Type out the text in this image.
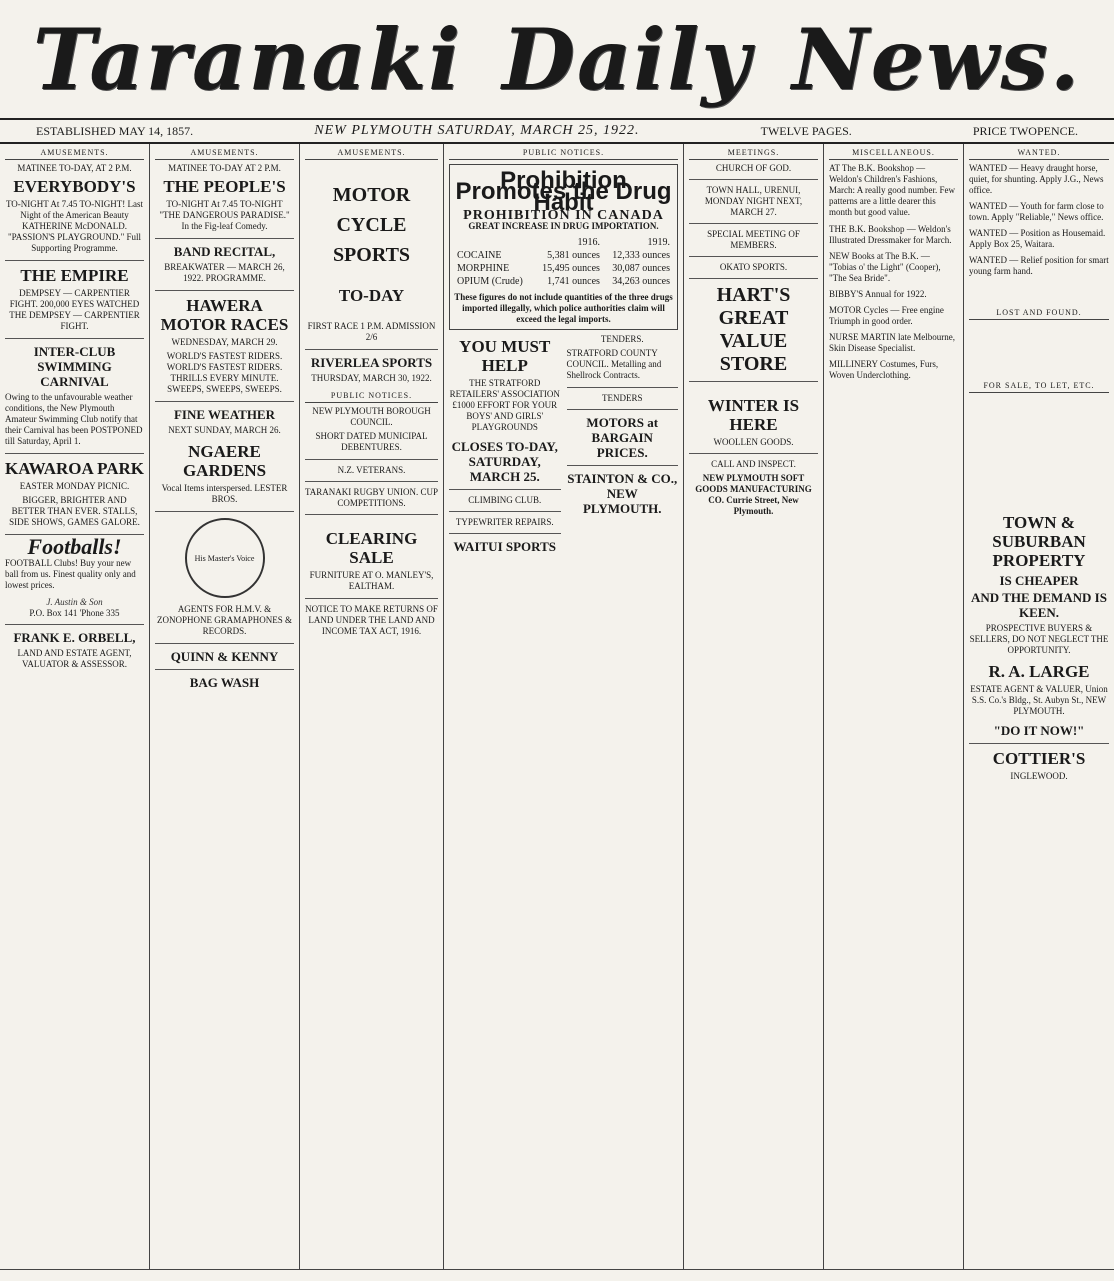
Taranaki Daily News.
ESTABLISHED MAY 14, 1857.	NEW PLYMOUTH SATURDAY, MARCH 25, 1922.	TWELVE PAGES.	PRICE TWOPENCE.
AMUSEMENTS.
MATINEE TO-DAY, AT 2 P.M.
EVERYBODY'S
TO-NIGHT At 7.45 TO-NIGHT! Last Night of the American Beauty KATHERINE McDONALD. "PASSION'S PLAYGROUND." Full Supporting Programme.
THE EMPIRE
DEMPSEY — CARPENTIER FIGHT. 200,000 EYES WATCHED THE DEMPSEY — CARPENTIER FIGHT.
INTER-CLUB SWIMMING CARNIVAL
Owing to the unfavourable weather conditions, the New Plymouth Amateur Swimming Club notify that their Carnival has been POSTPONED till Saturday, April 1.
KAWAROA PARK
EASTER MONDAY PICNIC.
BIGGER, BRIGHTER AND BETTER THAN EVER. STALLS, SIDE SHOWS, GAMES GALORE.
Footballs!
FOOTBALL Clubs! Buy your new ball from us. Finest quality only and lowest prices.
J. Austin & Son
P.O. Box 141 'Phone 335
FRANK E. ORBELL,
LAND AND ESTATE AGENT, VALUATOR & ASSESSOR.
AMUSEMENTS.
MATINEE TO-DAY AT 2 P.M.
THE PEOPLE'S
TO-NIGHT At 7.45 TO-NIGHT "THE DANGEROUS PARADISE." In the Fig-leaf Comedy.
BAND RECITAL,
BREAKWATER — MARCH 26, 1922. PROGRAMME.
HAWERA MOTOR RACES
WEDNESDAY, MARCH 29.
WORLD'S FASTEST RIDERS. WORLD'S FASTEST RIDERS. THRILLS EVERY MINUTE. SWEEPS, SWEEPS, SWEEPS.
FINE WEATHER
NEXT SUNDAY, MARCH 26.
NGAERE GARDENS
Vocal Items interspersed. LESTER BROS.
His Master's Voice
AGENTS FOR H.M.V. & ZONOPHONE GRAMAPHONES & RECORDS.
QUINN & KENNY
BAG WASH
AMUSEMENTS.
MOTOR CYCLE SPORTS
TO-DAY
FIRST RACE 1 P.M. ADMISSION 2/6
RIVERLEA SPORTS
THURSDAY, MARCH 30, 1922.
PUBLIC NOTICES.
NEW PLYMOUTH BOROUGH COUNCIL.
SHORT DATED MUNICIPAL DEBENTURES.
N.Z. VETERANS.
TARANAKI RUGBY UNION. CUP COMPETITIONS.
CLEARING SALE
FURNITURE AT O. MANLEY'S, EALTHAM.
NOTICE TO MAKE RETURNS OF LAND UNDER THE LAND AND INCOME TAX ACT, 1916.
PUBLIC NOTICES.
Prohibition Promotes the Drug Habit
PROHIBITION IN CANADA
GREAT INCREASE IN DRUG IMPORTATION.
	1916.	1919.
COCAINE	5,381 ounces	12,333 ounces
MORPHINE	15,495 ounces	30,087 ounces
OPIUM (Crude)	1,741 ounces	34,263 ounces
These figures do not include quantities of the three drugs imported illegally, which police authorities claim will exceed the legal imports.
YOU MUST HELP
THE STRATFORD RETAILERS' ASSOCIATION £1000 EFFORT FOR YOUR BOYS' AND GIRLS' PLAYGROUNDS
CLOSES TO-DAY, SATURDAY, MARCH 25.
CLIMBING CLUB.
TYPEWRITER REPAIRS.
WAITUI SPORTS
TENDERS.
STRATFORD COUNTY COUNCIL. Metalling and Shellrock Contracts.
TENDERS
MOTORS at BARGAIN PRICES.
STAINTON & CO., NEW PLYMOUTH.
MEETINGS.
CHURCH OF GOD.
TOWN HALL, URENUI, MONDAY NIGHT NEXT, MARCH 27.
SPECIAL MEETING OF MEMBERS.
OKATO SPORTS.
HART'S GREAT VALUE STORE
WINTER IS HERE
WOOLLEN GOODS.
CALL AND INSPECT.
NEW PLYMOUTH SOFT GOODS MANUFACTURING CO. Currie Street, New Plymouth.
MISCELLANEOUS.
AT The B.K. Bookshop — Weldon's Children's Fashions, March: A really good number. Few patterns are a little dearer this month but good value.
THE B.K. Bookshop — Weldon's Illustrated Dressmaker for March.
NEW Books at The B.K. — "Tobias o' the Light" (Cooper), "The Sea Bride".
BIBBY'S Annual for 1922.
MOTOR Cycles — Free engine Triumph in good order.
NURSE MARTIN late Melbourne, Skin Disease Specialist.
MILLINERY Costumes, Furs, Woven Underclothing.
WANTED.
WANTED — Heavy draught horse, quiet, for shunting. Apply J.G., News office.
WANTED — Youth for farm close to town. Apply "Reliable," News office.
WANTED — Position as Housemaid. Apply Box 25, Waitara.
WANTED — Relief position for smart young farm hand.
LOST AND FOUND.
FOR SALE, TO LET, ETC.
TOWN & SUBURBAN PROPERTY
IS CHEAPER
AND THE DEMAND IS KEEN.
PROSPECTIVE BUYERS & SELLERS, DO NOT NEGLECT THE OPPORTUNITY.
R. A. LARGE
ESTATE AGENT & VALUER, Union S.S. Co.'s Bldg., St. Aubyn St., NEW PLYMOUTH.
"DO IT NOW!"
COTTIER'S
INGLEWOOD.
